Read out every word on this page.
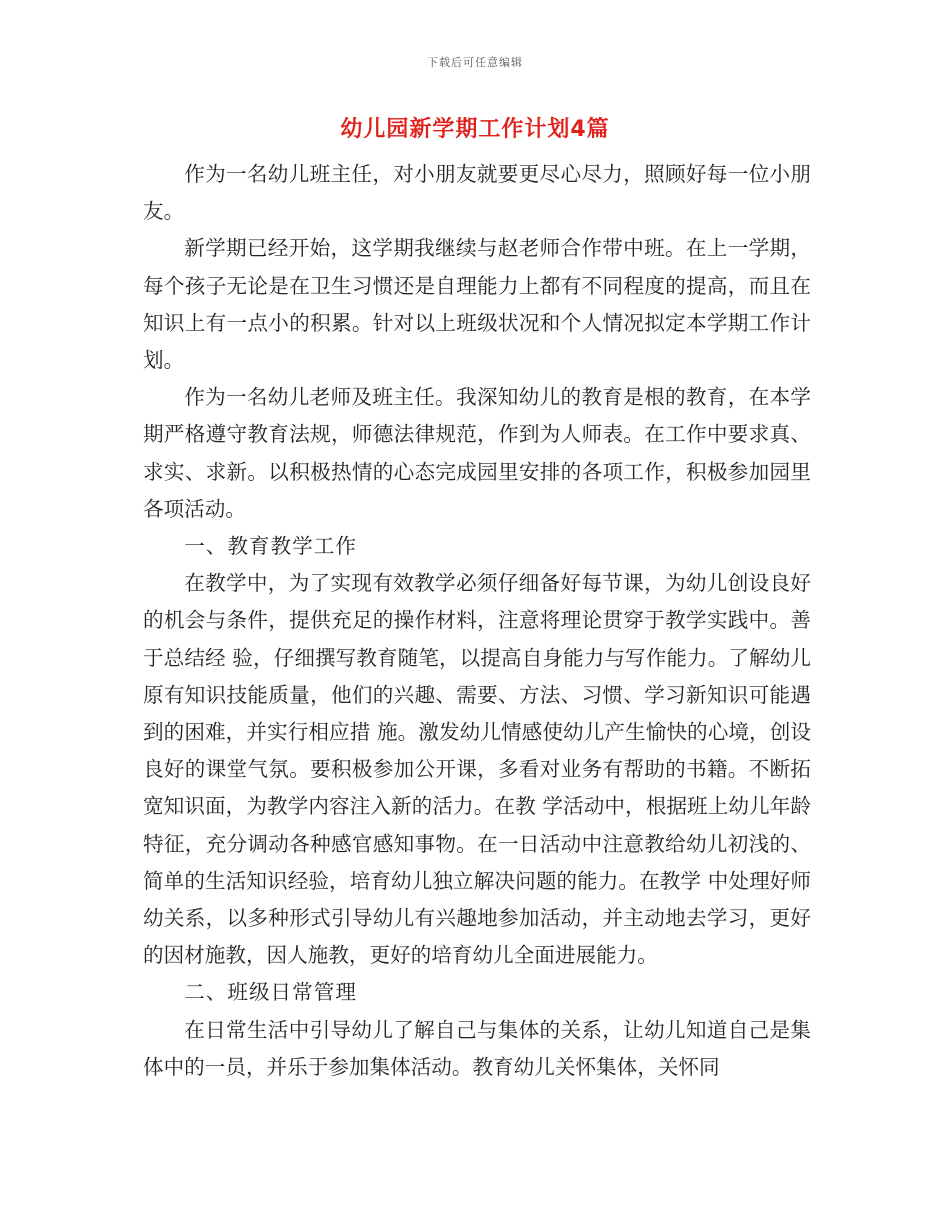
下载后可任意编辑
幼儿园新学期工作计划4篇

作为一名幼儿班主任，对小朋友就要更尽心尽力，照顾好每一位小朋友。

新学期已经开始，这学期我继续与赵老师合作带中班。在上一学期，每个孩子无论是在卫生习惯还是自理能力上都有不同程度的提高，而且在知识上有一点小的积累。针对以上班级状况和个人情况拟定本学期工作计划。

作为一名幼儿老师及班主任。我深知幼儿的教育是根的教育，在本学期严格遵守教育法规，师德法律规范，作到为人师表。在工作中要求真、求实、求新。以积极热情的心态完成园里安排的各项工作，积极参加园里各项活动。

一、教育教学工作

在教学中，为了实现有效教学必须仔细备好每节课，为幼儿创设良好的机会与条件，提供充足的操作材料，注意将理论贯穿于教学实践中。善于总结经 验，仔细撰写教育随笔，以提高自身能力与写作能力。了解幼儿原有知识技能质量，他们的兴趣、需要、方法、习惯、学习新知识可能遇到的困难，并实行相应措 施。激发幼儿情感使幼儿产生愉快的心境，创设良好的课堂气氛。要积极参加公开课，多看对业务有帮助的书籍。不断拓宽知识面，为教学内容注入新的活力。在教 学活动中，根据班上幼儿年龄特征，充分调动各种感官感知事物。在一日活动中注意教给幼儿初浅的、简单的生活知识经验，培育幼儿独立解决问题的能力。在教学 中处理好师幼关系，以多种形式引导幼儿有兴趣地参加活动，并主动地去学习，更好的因材施教，因人施教，更好的培育幼儿全面进展能力。

二、班级日常管理

在日常生活中引导幼儿了解自己与集体的关系，让幼儿知道自己是集体中的一员，并乐于参加集体活动。教育幼儿关怀集体，关怀同
